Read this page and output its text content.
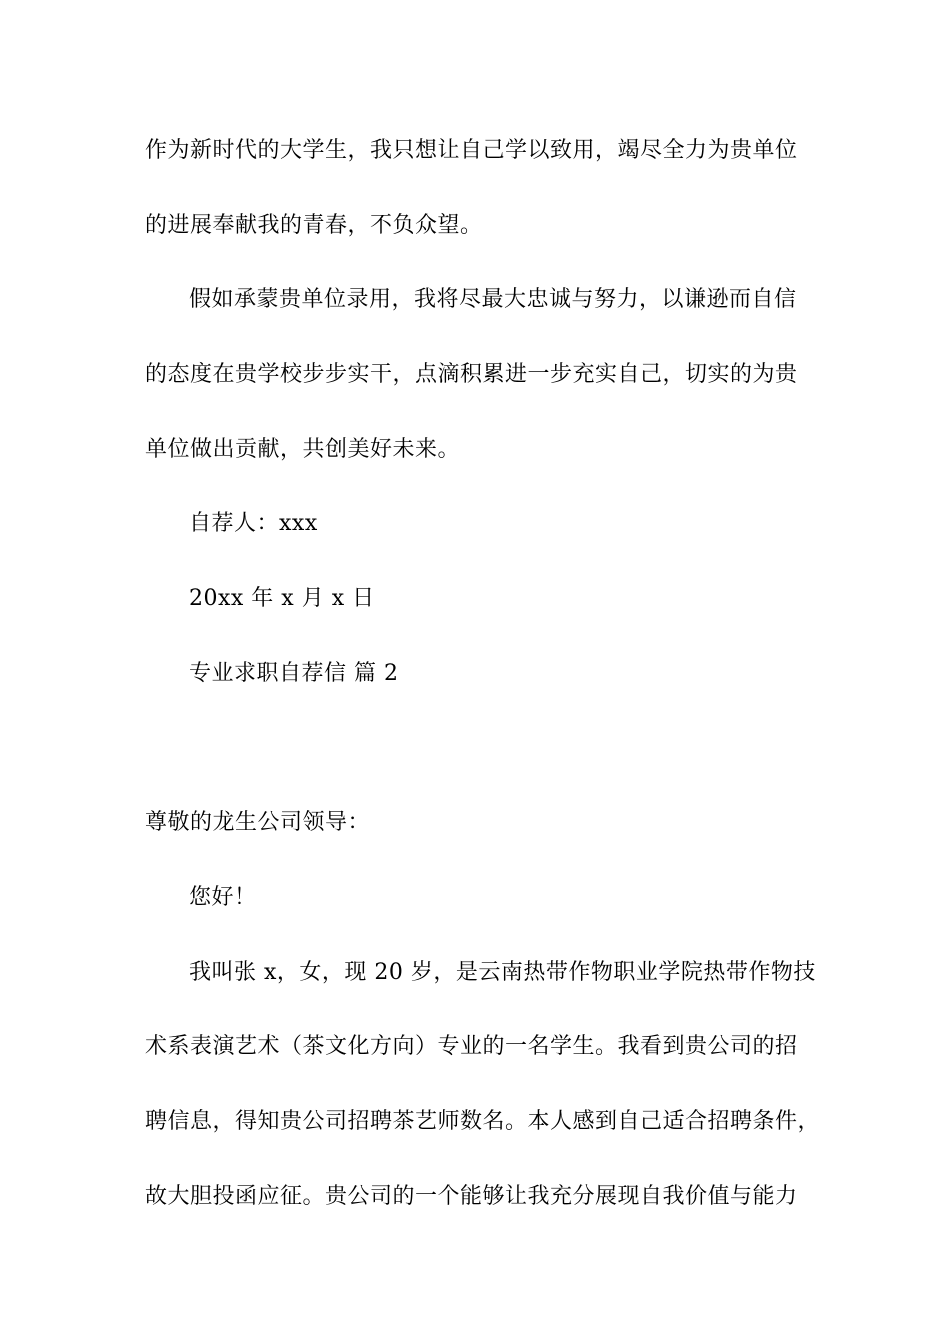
作为新时代的大学生，我只想让自己学以致用，竭尽全力为贵单位
的进展奉献我的青春，不负众望。
假如承蒙贵单位录用，我将尽最大忠诚与努力，以谦逊而自信
的态度在贵学校步步实干，点滴积累进一步充实自己，切实的为贵
单位做出贡献，共创美好未来。
自荐人：xxx
20xx 年 x 月 x 日
专业求职自荐信 篇 2
尊敬的龙生公司领导：
您好！
我叫张 x，女，现 20 岁，是云南热带作物职业学院热带作物技
术系表演艺术（茶文化方向）专业的一名学生。我看到贵公司的招
聘信息，得知贵公司招聘茶艺师数名。本人感到自己适合招聘条件，
故大胆投函应征。贵公司的一个能够让我充分展现自我价值与能力
